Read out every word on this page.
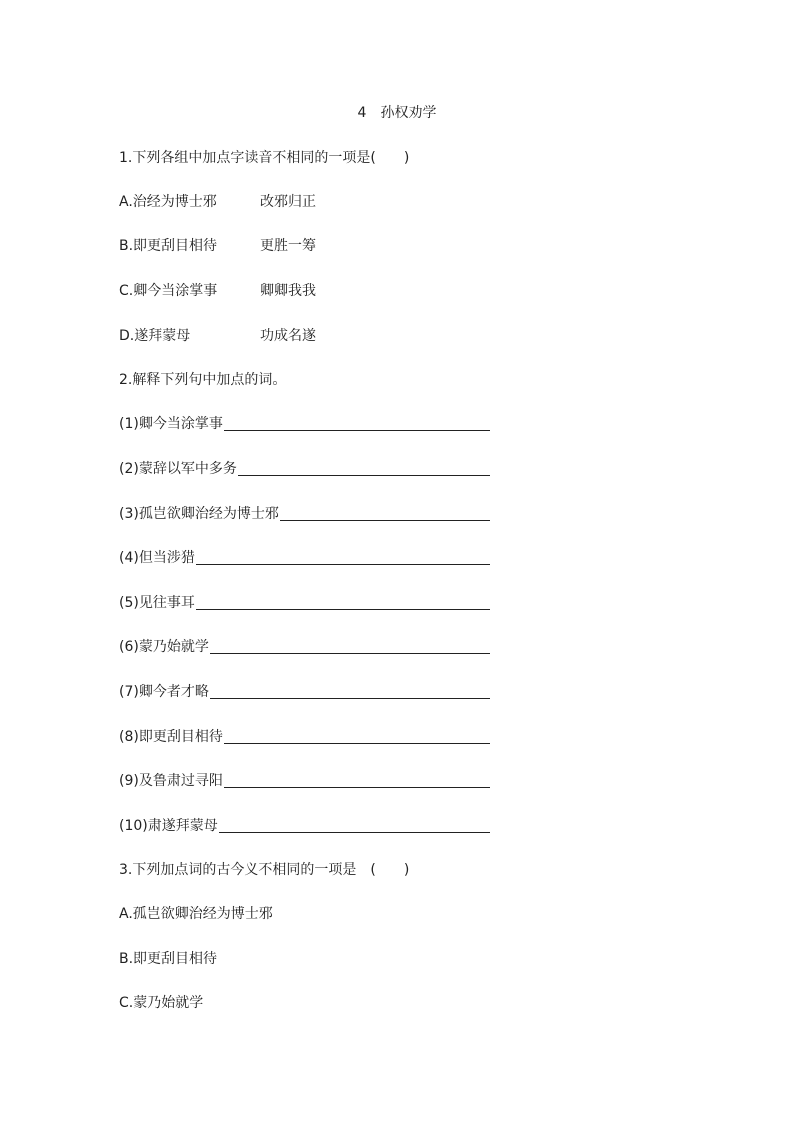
4　孙权劝学
1.下列各组中加点字读音不相同的一项是(　　)
A.治经为博士邪	改邪归正
B.即更刮目相待	更胜一筹
C.卿今当涂掌事	卿卿我我
D.遂拜蒙母	功成名遂
2.解释下列句中加点的词。
(1)卿今当涂掌事
(2)蒙辞以军中多务
(3)孤岂欲卿治经为博士邪
(4)但当涉猎
(5)见往事耳
(6)蒙乃始就学
(7)卿今者才略
(8)即更刮目相待
(9)及鲁肃过寻阳
(10)肃遂拜蒙母
3.下列加点词的古今义不相同的一项是　(　　)
A.孤岂欲卿治经为博士邪
B.即更刮目相待
C.蒙乃始就学
